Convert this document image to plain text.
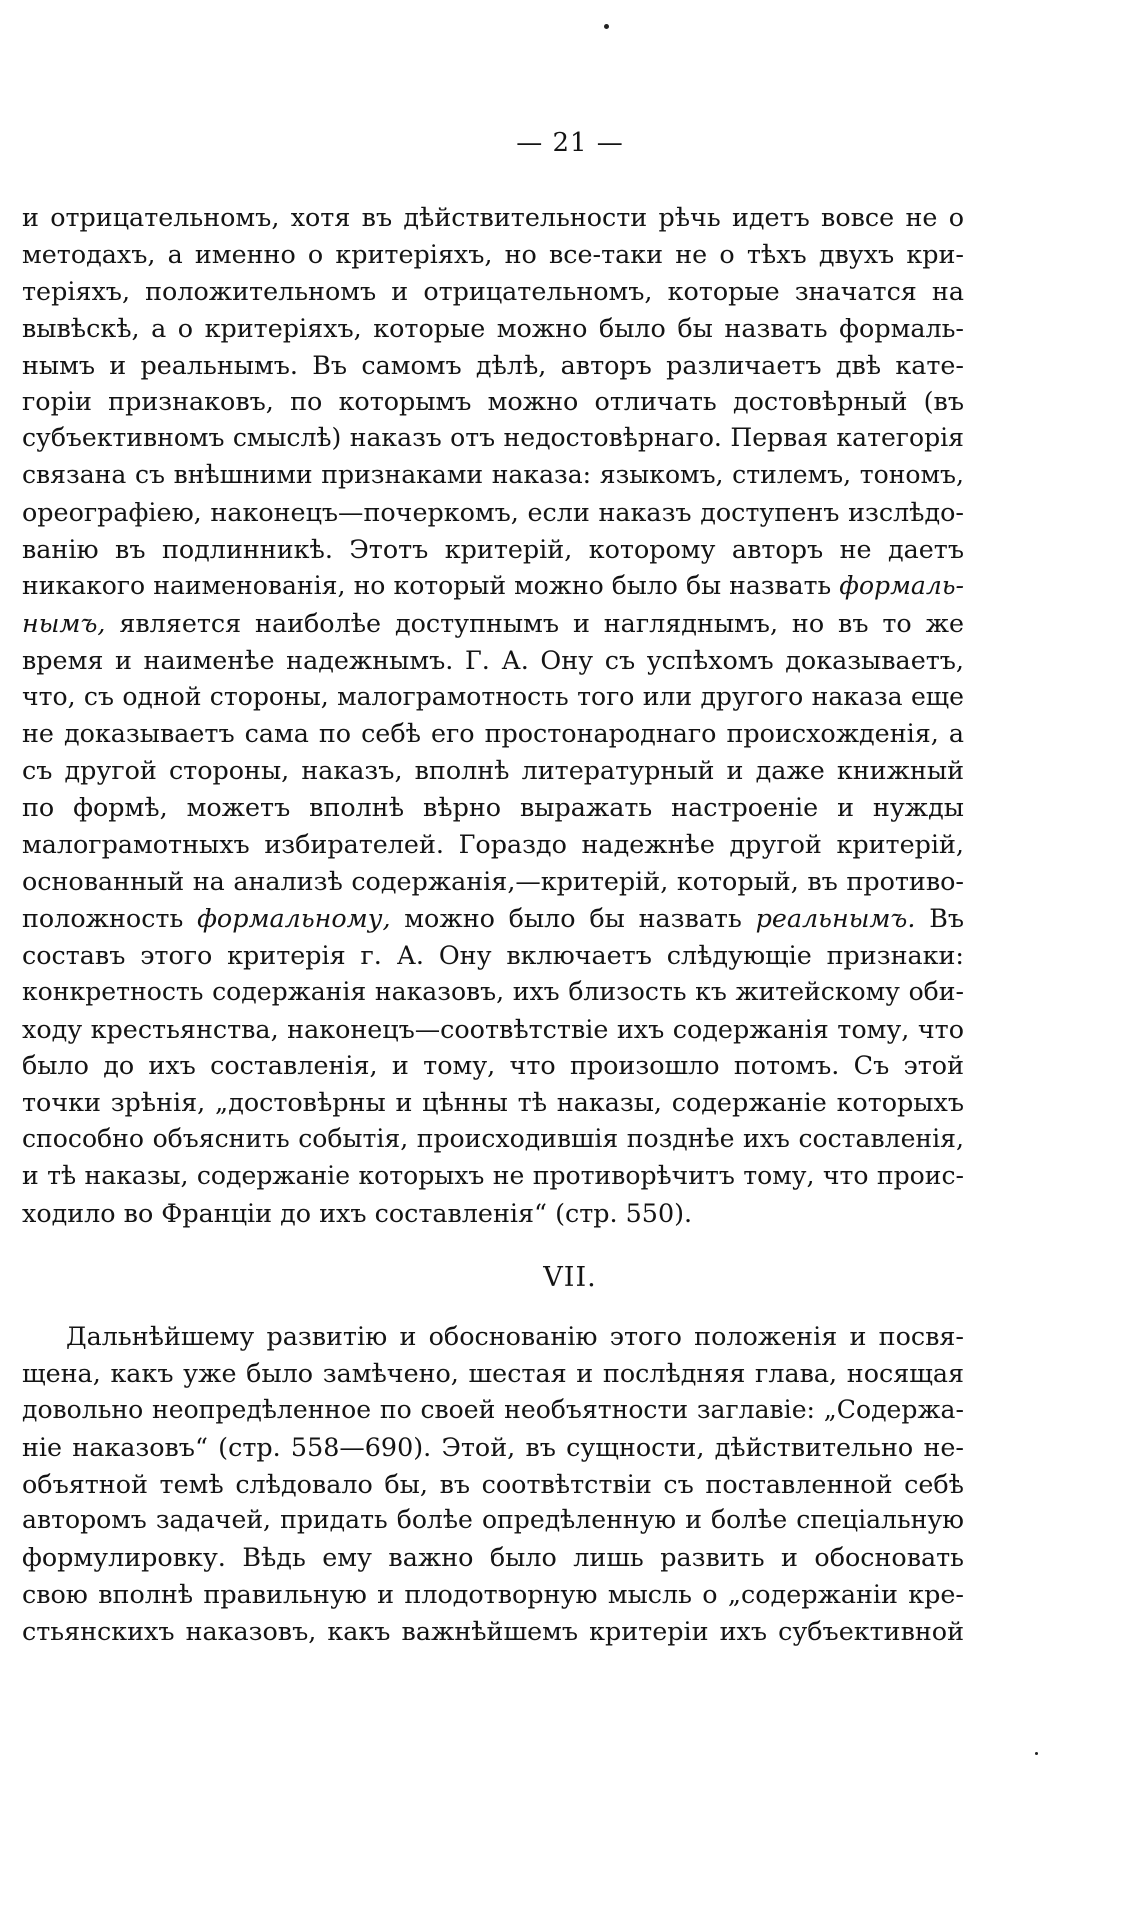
— 21 —
и отрицательномъ, хотя въ дѣйствительности рѣчь идетъ вовсе не о
методахъ, а именно о критеріяхъ, но все-таки не о тѣхъ двухъ кри-
теріяхъ, положительномъ и отрицательномъ, которые значатся на
вывѣскѣ, а о критеріяхъ, которые можно было бы назвать формаль-
нымъ и реальнымъ. Въ самомъ дѣлѣ, авторъ различаетъ двѣ кате-
горіи признаковъ, по которымъ можно отличать достовѣрный (въ
субъективномъ смыслѣ) наказъ отъ недостовѣрнаго. Первая категорія
связана съ внѣшними признаками наказа: языкомъ, стилемъ, тономъ,
ореографіею, наконецъ—почеркомъ, если наказъ доступенъ изслѣдо-
ванію въ подлинникѣ. Этотъ критерій, которому авторъ не даетъ
никакого наименованія, но который можно было бы назвать формаль-
нымъ, является наиболѣе доступнымъ и нагляднымъ, но въ то же
время и наименѣе надежнымъ. Г. А. Ону съ успѣхомъ доказываетъ,
что, съ одной стороны, малограмотность того или другого наказа еще
не доказываетъ сама по себѣ его простонароднаго происхожденія, а
съ другой стороны, наказъ, вполнѣ литературный и даже книжный
по формѣ, можетъ вполнѣ вѣрно выражать настроеніе и нужды
малограмотныхъ избирателей. Гораздо надежнѣе другой критерій,
основанный на анализѣ содержанія,—критерій, который, въ противо-
положность формальному, можно было бы назвать реальнымъ. Въ
составъ этого критерія г. А. Ону включаетъ слѣдующіе признаки:
конкретность содержанія наказовъ, ихъ близость къ житейскому оби-
ходу крестьянства, наконецъ—соотвѣтствіе ихъ содержанія тому, что
было до ихъ составленія, и тому, что произошло потомъ. Съ этой
точки зрѣнія, „достовѣрны и цѣнны тѣ наказы, содержаніе которыхъ
способно объяснить событія, происходившія позднѣе ихъ составленія,
и тѣ наказы, содержаніе которыхъ не противорѣчитъ тому, что проис-
ходило во Франціи до ихъ составленія“ (стр. 550).
VII.
Дальнѣйшему развитію и обоснованію этого положенія и посвя-
щена, какъ уже было замѣчено, шестая и послѣдняя глава, носящая
довольно неопредѣленное по своей необъятности заглавіе: „Содержа-
ніе наказовъ“ (стр. 558—690). Этой, въ сущности, дѣйствительно не-
объятной темѣ слѣдовало бы, въ соотвѣтствіи съ поставленной себѣ
авторомъ задачей, придать болѣе опредѣленную и болѣе спеціальную
формулировку. Вѣдь ему важно было лишь развить и обосновать
свою вполнѣ правильную и плодотворную мысль о „содержаніи кре-
стьянскихъ наказовъ, какъ важнѣйшемъ критеріи ихъ субъективной
